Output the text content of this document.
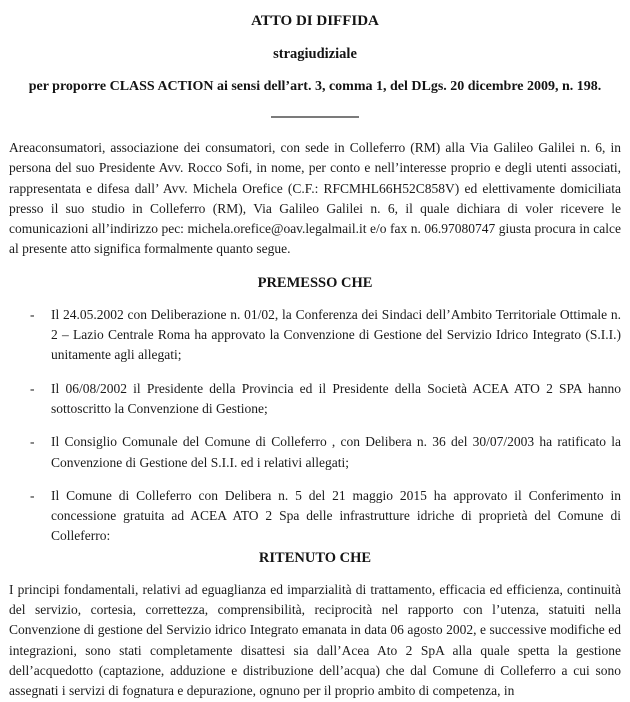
ATTO DI DIFFIDA
stragiudiziale
per proporre CLASS ACTION ai sensi dell’art. 3, comma 1, del DLgs. 20 dicembre 2009, n. 198.

Areaconsumatori, associazione dei consumatori, con sede in Colleferro (RM) alla Via Galileo Galilei n. 6, in persona del suo Presidente Avv. Rocco Sofi, in nome, per conto e nell’interesse proprio e degli utenti associati, rappresentata e difesa dall’ Avv. Michela Orefice (C.F.: RFCMHL66H52C858V) ed elettivamente domiciliata presso il suo studio in Colleferro (RM), Via Galileo Galilei n. 6, il quale dichiara di voler ricevere le comunicazioni all’indirizzo pec: michela.orefice@oav.legalmail.it e/o fax n. 06.97080747 giusta procura in calce al presente atto significa formalmente quanto segue.

PREMESSO CHE
-	Il 24.05.2002 con Deliberazione n. 01/02, la Conferenza dei Sindaci dell’Ambito Territoriale Ottimale n. 2 – Lazio Centrale Roma ha approvato la Convenzione di Gestione del Servizio Idrico Integrato (S.I.I.) unitamente agli allegati;
-	Il 06/08/2002 il Presidente della Provincia ed il Presidente della Società ACEA ATO 2 SPA hanno sottoscritto la Convenzione di Gestione;
-	Il Consiglio Comunale del Comune di Colleferro , con Delibera n. 36 del 30/07/2003 ha ratificato la Convenzione di Gestione del S.I.I. ed i relativi allegati;
-	Il Comune di Colleferro con Delibera n. 5 del 21 maggio 2015 ha approvato il Conferimento in concessione gratuita ad ACEA ATO 2 Spa delle infrastrutture idriche di proprietà del Comune di Colleferro:
RITENUTO CHE

I principi fondamentali, relativi ad eguaglianza ed imparzialità di trattamento, efficacia ed efficienza, continuità del servizio, cortesia, correttezza, comprensibilità, reciprocità nel rapporto con l’utenza, statuiti nella Convenzione di gestione del Servizio idrico Integrato emanata in data 06 agosto 2002, e successive modifiche ed integrazioni, sono stati completamente disattesi sia dall’Acea Ato 2 SpA alla quale spetta la gestione dell’acquedotto (captazione, adduzione e distribuzione dell’acqua) che dal Comune di Colleferro a cui sono assegnati i servizi di fognatura e depurazione, ognuno per il proprio ambito di competenza, in
